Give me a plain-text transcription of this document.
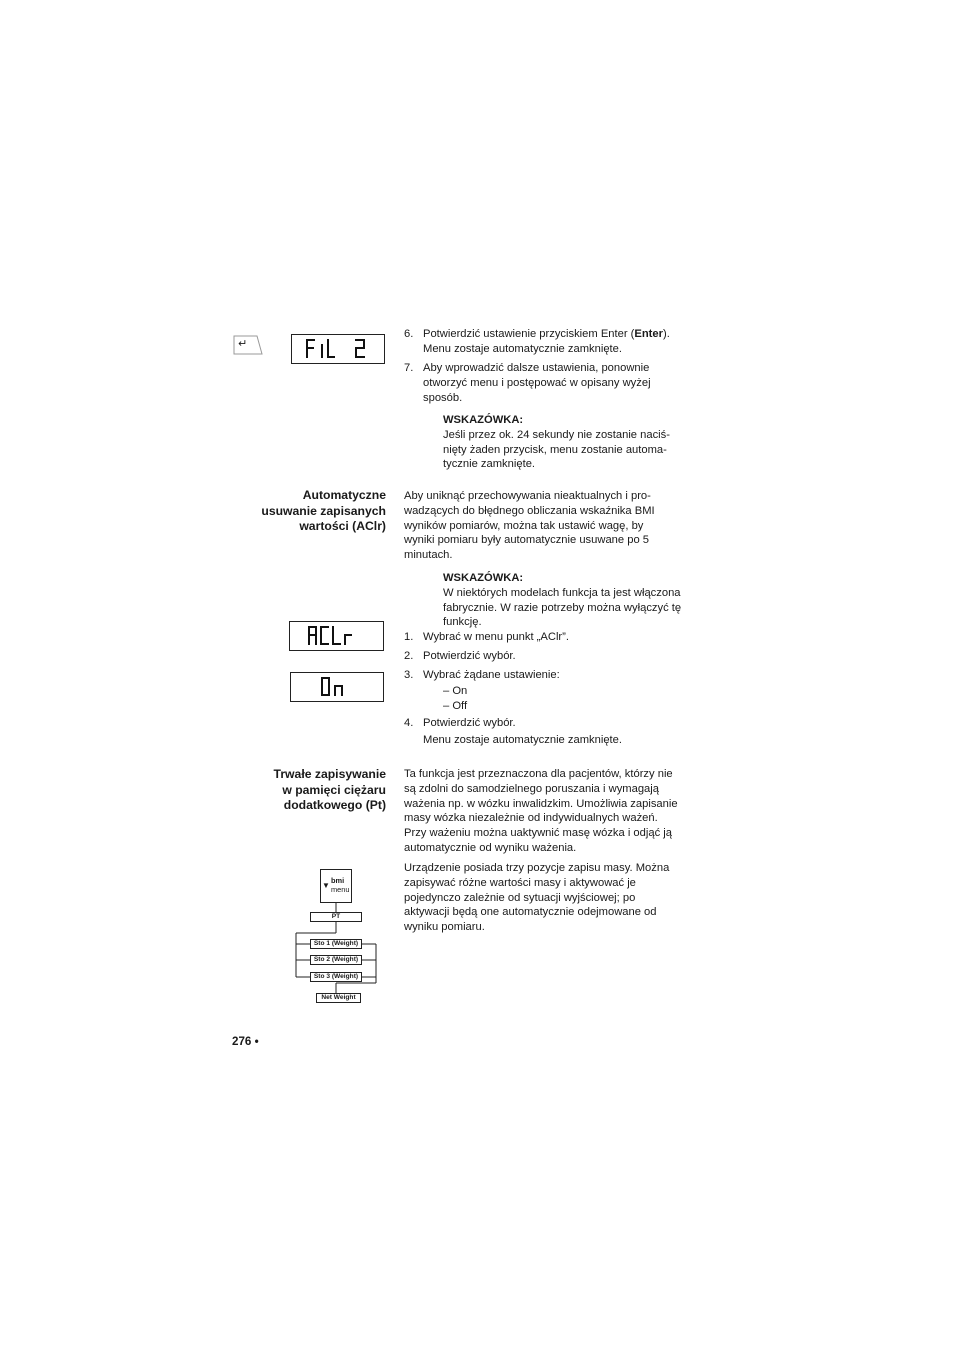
↵
6. Potwierdzić ustawienie przyciskiem Enter (Enter).
Menu zostaje automatycznie zamknięte.
7. Aby wprowadzić dalsze ustawienia, ponownie
otworzyć menu i postępować w opisany wyżej
sposób.
WSKAZÓWKA:
Jeśli przez ok. 24 sekundy nie zostanie naciś-
nięty żaden przycisk, menu zostanie automa-
tycznie zamknięte.
Automatyczne
usuwanie zapisanych
wartości (AClr)
Aby uniknąć przechowywania nieaktualnych i pro-
wadzących do błędnego obliczania wskaźnika BMI
wyników pomiarów, można tak ustawić wagę, by
wyniki pomiaru były automatycznie usuwane po 5
minutach.
WSKAZÓWKA:
W niektórych modelach funkcja ta jest włączona
fabrycznie. W razie potrzeby można wyłączyć tę
funkcję.
1. Wybrać w menu punkt „AClr”.
2. Potwierdzić wybór.
3. Wybrać żądane ustawienie:
– On
– Off
4. Potwierdzić wybór.
Menu zostaje automatycznie zamknięte.
Trwałe zapisywanie
w pamięci ciężaru
dodatkowego (Pt)
Ta funkcja jest przeznaczona dla pacjentów, którzy nie
są zdolni do samodzielnego poruszania i wymagają
ważenia np. w wózku inwalidzkim. Umożliwia zapisanie
masy wózka niezależnie od indywidualnych ważeń.
Przy ważeniu można uaktywnić masę wózka i odjąć ją
automatycznie od wyniku ważenia.
Urządzenie posiada trzy pozycje zapisu masy. Można
zapisywać różne wartości masy i aktywować je
pojedynczo zależnie od sytuacji wyjściowej; po
aktywacji będą one automatycznie odejmowane od
wyniku pomiaru.
▼
bmi
menu
PT
Sto 1 (Weight)
Sto 2 (Weight)
Sto 3 (Weight)
Net Weight
276 •
